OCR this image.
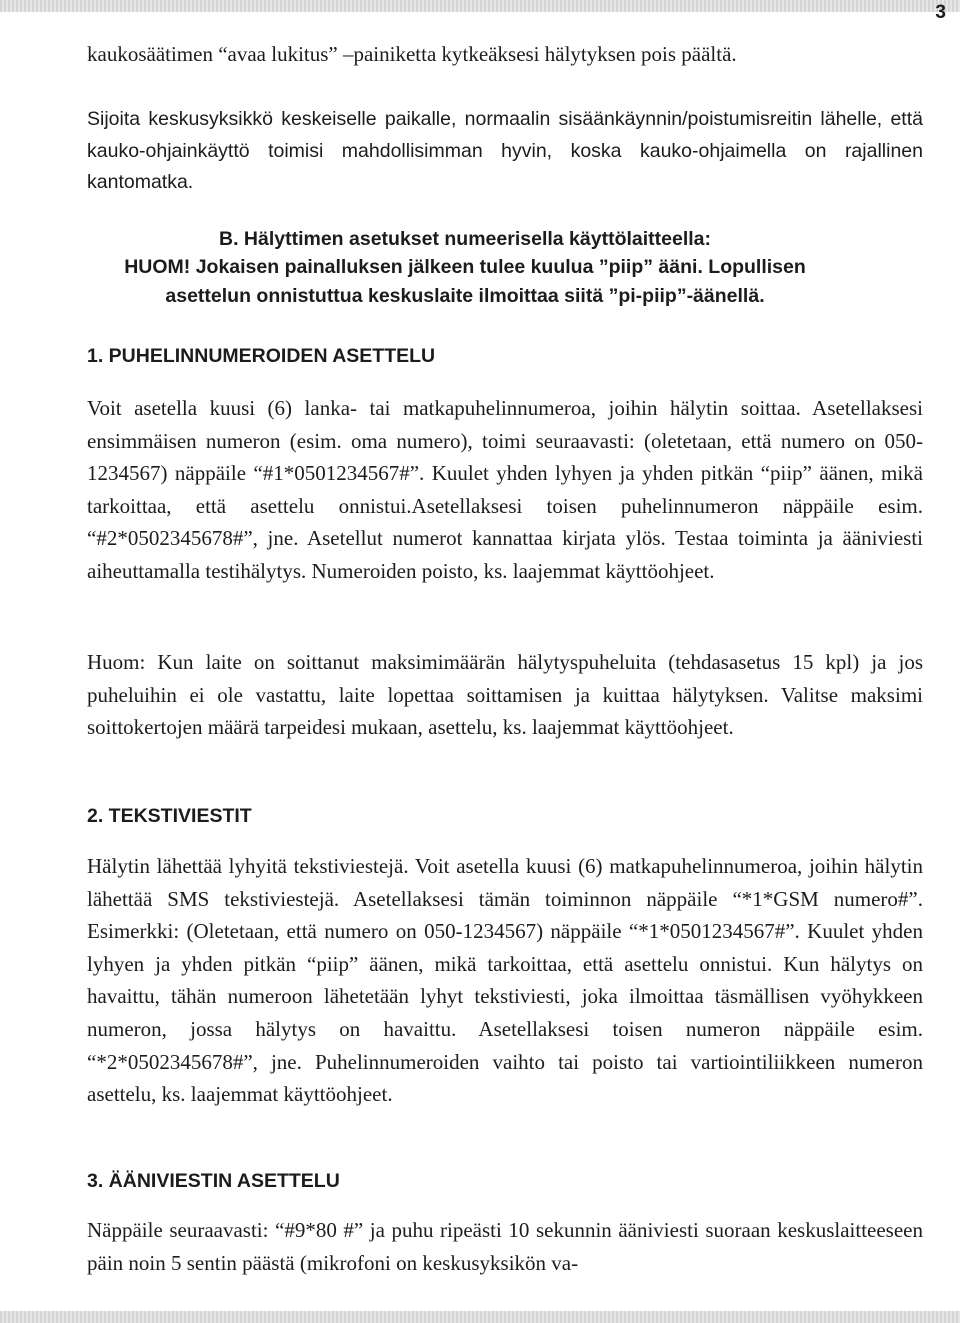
3

kaukosäätimen “avaa lukitus” –painiketta kytkeäksesi hälytyksen pois päältä.

Sijoita keskusyksikkö keskeiselle paikalle, normaalin sisäänkäynnin/poistumisreitin lähelle, että kauko-ohjainkäyttö toimisi mahdollisimman hyvin, koska kauko-ohjaimella on rajallinen kantomatka.

B. Hälyttimen asetukset numeerisella käyttölaitteella:
HUOM! Jokaisen painalluksen jälkeen tulee kuulua ”piip” ääni. Lopullisen asettelun onnistuttua keskuslaite ilmoittaa siitä ”pi-piip”-äänellä.
1. PUHELINNUMEROIDEN ASETTELU

Voit asetella kuusi (6) lanka- tai matkapuhelinnumeroa, joihin hälytin soittaa. Asetellaksesi ensimmäisen numeron (esim. oma numero), toimi seuraavasti: (oletetaan, että numero on 050-1234567) näppäile “#1*0501234567#”. Kuulet yhden lyhyen ja yhden pitkän “piip” äänen, mikä tarkoittaa, että asettelu onnistui.Asetellaksesi toisen puhelinnumeron näppäile esim. “#2*0502345678#”, jne. Asetellut numerot kannattaa kirjata ylös. Testaa toiminta ja ääniviesti aiheuttamalla testihälytys. Numeroiden poisto, ks. laajemmat käyttöohjeet.

Huom: Kun laite on soittanut maksimimäärän hälytyspuheluita (tehdasasetus 15 kpl) ja jos puheluihin ei ole vastattu, laite lopettaa soittamisen ja kuittaa hälytyksen. Valitse maksimi soittokertojen määrä tarpeidesi mukaan, asettelu, ks. laajemmat käyttöohjeet.

2. TEKSTIVIESTIT

Hälytin lähettää lyhyitä tekstiviestejä. Voit asetella kuusi (6) matkapuhelinnumeroa, joihin hälytin lähettää SMS tekstiviestejä. Asetellaksesi tämän toiminnon näppäile “*1*GSM numero#”. Esimerkki: (Oletetaan, että numero on 050-1234567) näppäile “*1*0501234567#”. Kuulet yhden lyhyen ja yhden pitkän “piip” äänen, mikä tarkoittaa, että asettelu onnistui. Kun hälytys on havaittu, tähän numeroon lähetetään lyhyt tekstiviesti, joka ilmoittaa täsmällisen vyöhykkeen numeron, jossa hälytys on havaittu. Asetellaksesi toisen numeron näppäile esim. “*2*0502345678#”, jne. Puhelinnumeroiden vaihto tai poisto tai vartiointiliikkeen numeron asettelu, ks. laajemmat käyttöohjeet.

3. ÄÄNIVIESTIN ASETTELU

Näppäile seuraavasti: “#9*80 #” ja puhu ripeästi 10 sekunnin ääniviesti suoraan keskuslaitteeseen päin noin 5 sentin päästä (mikrofoni on keskusyksikön va-
